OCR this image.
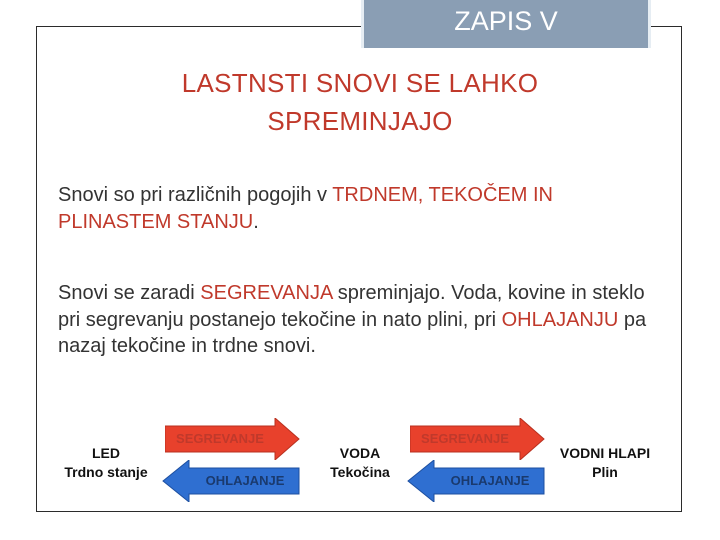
ZAPIS V
LASTNSTI SNOVI SE LAHKO
SPREMINJAJO
Snovi so pri različnih pogojih v TRDNEM, TEKOČEM IN PLINASTEM STANJU.
Snovi se zaradi SEGREVANJA spreminjajo. Voda, kovine in steklo pri segrevanju postanejo tekočine in nato plini, pri OHLAJANJU pa nazaj tekočine in trdne snovi.
LED
Trdno stanje
VODA
Tekočina
VODNI HLAPI
Plin
SEGREVANJE
OHLAJANJE
SEGREVANJE
OHLAJANJE
